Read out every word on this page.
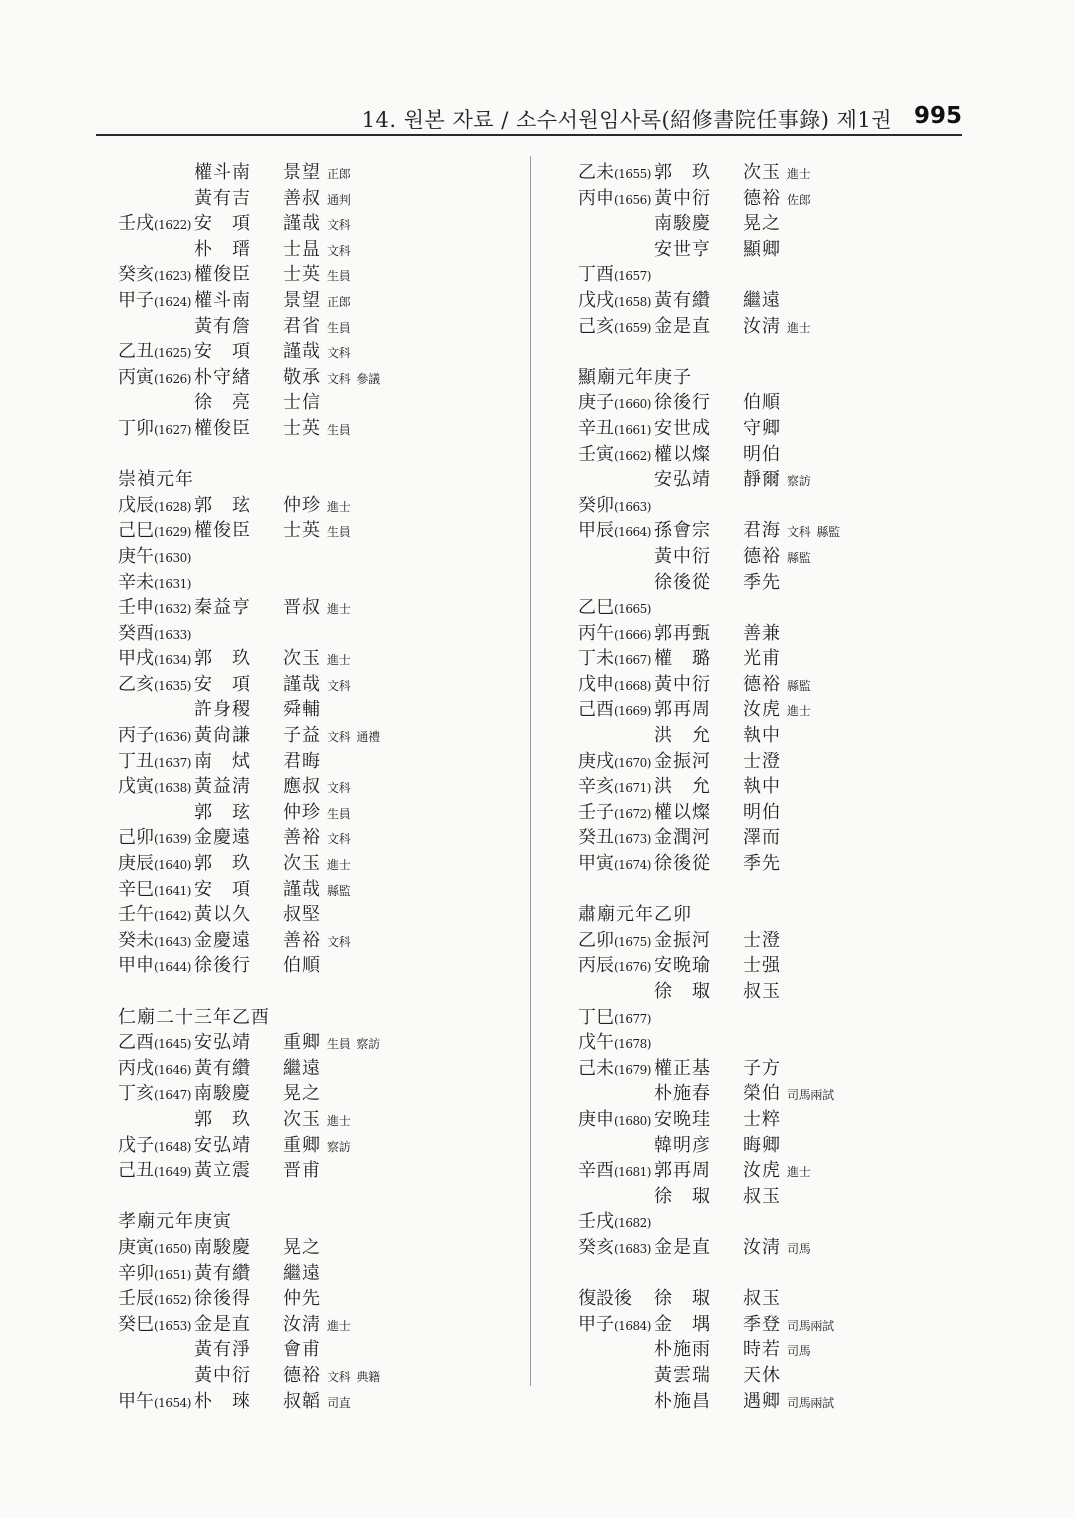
14. 원본 자료 / 소수서원임사록(紹修書院任事錄) 제1권 995
權斗南 景望 正郎
黃有吉 善叔 通判
壬戌(1622) 安　項 謹哉 文科
朴　瑨 士昷 文科
癸亥(1623) 權俊臣 士英 生員
甲子(1624) 權斗南 景望 正郎
黃有詹 君省 生員
乙丑(1625) 安　項 謹哉 文科
丙寅(1626) 朴守緖 敬承 文科 參議
徐　亮 士信
丁卯(1627) 權俊臣 士英 生員
崇禎元年
戊辰(1628) 郭　玹 仲珍 進士
己巳(1629) 權俊臣 士英 生員
庚午(1630)
辛未(1631)
壬申(1632) 秦益亨 晋叔 進士
癸酉(1633)
甲戌(1634) 郭　玖 次玉 進士
乙亥(1635) 安　項 謹哉 文科
許身稷 舜輔
丙子(1636) 黃尙謙 子益 文科 通禮
丁丑(1637) 南　烒 君晦
戊寅(1638) 黃益淸 應叔 文科
郭　玹 仲珍 生員
己卯(1639) 金慶遠 善裕 文科
庚辰(1640) 郭　玖 次玉 進士
辛巳(1641) 安　項 謹哉 縣監
壬午(1642) 黃以久 叔堅
癸未(1643) 金慶遠 善裕 文科
甲申(1644) 徐後行 伯順
仁廟二十三年乙酉
乙酉(1645) 安弘靖 重卿 生員 察訪
丙戌(1646) 黃有纘 繼遠
丁亥(1647) 南駿慶 晃之
郭　玖 次玉 進士
戊子(1648) 安弘靖 重卿 察訪
己丑(1649) 黃立震 晋甫
孝廟元年庚寅
庚寅(1650) 南駿慶 晃之
辛卯(1651) 黃有纘 繼遠
壬辰(1652) 徐後得 仲先
癸巳(1653) 金是直 汝淸 進士
黃有淨 會甫
黃中衍 德裕 文科 典籍
甲午(1654) 朴　琜 叔韜 司直
乙未(1655) 郭　玖 次玉 進士
丙申(1656) 黃中衍 德裕 佐郎
南駿慶 晃之
安世亨 顯卿
丁酉(1657)
戊戌(1658) 黃有纘 繼遠
己亥(1659) 金是直 汝淸 進士
顯廟元年庚子
庚子(1660) 徐後行 伯順
辛丑(1661) 安世成 守卿
壬寅(1662) 權以燦 明伯
安弘靖 靜爾 察訪
癸卯(1663)
甲辰(1664) 孫會宗 君海 文科 縣監
黃中衍 德裕 縣監
徐後從 季先
乙巳(1665)
丙午(1666) 郭再甄 善兼
丁未(1667) 權　璐 光甫
戊申(1668) 黃中衍 德裕 縣監
己酉(1669) 郭再周 汝虎 進士
洪　允 執中
庚戌(1670) 金振河 士澄
辛亥(1671) 洪　允 執中
壬子(1672) 權以燦 明伯
癸丑(1673) 金潤河 澤而
甲寅(1674) 徐後從 季先
肅廟元年乙卯
乙卯(1675) 金振河 士澄
丙辰(1676) 安晩瑜 士强
徐　琡 叔玉
丁巳(1677)
戊午(1678)
己未(1679) 權正基 子方
朴施春 榮伯 司馬兩試
庚申(1680) 安晩珪 士粹
韓明彦 晦卿
辛酉(1681) 郭再周 汝虎 進士
徐　琡 叔玉
壬戌(1682)
癸亥(1683) 金是直 汝淸 司馬
復設後 徐　琡 叔玉
甲子(1684) 金　堣 季登 司馬兩試
朴施雨 時若 司馬
黃雲瑞 天休
朴施昌 遇卿 司馬兩試
